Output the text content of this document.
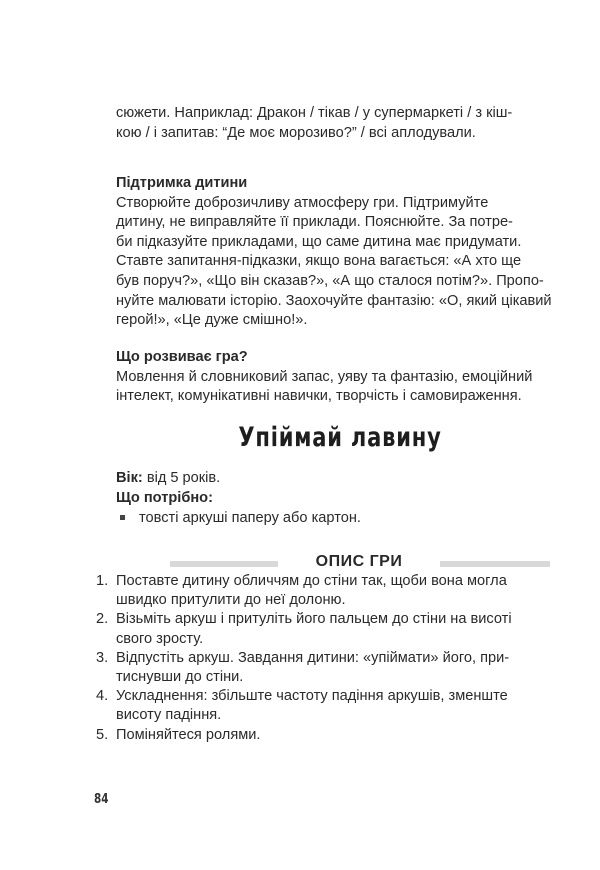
сюжети. Наприклад: Дракон / тікав / у супермаркеті / з кіш-

кою / і запитав: “Де моє морозиво?” / всі аплодували.

Підтримка дитини

Створюйте доброзичливу атмосферу гри. Підтримуйте

дитину, не виправляйте її приклади. Пояснюйте. За потре-

би підказуйте прикладами, що саме дитина має придумати.

Ставте запитання-підказки, якщо вона вагається: «А хто ще

був поруч?», «Що він сказав?», «А що сталося потім?». Пропо-

нуйте малювати історію. Заохочуйте фантазію: «О, який цікавий

герой!», «Це дуже смішно!».

Що розвиває гра?

Мовлення й словниковий запас, уяву та фантазію, емоційний

інтелект, комунікативні навички, творчість і самовираження.

Упіймай лавину

Вік: від 5 років.

Що потрібно:

товсті аркуші паперу або картон.
ОПИС ГРИ
1. Поставте дитину обличчям до стіни так, щоби вона могла
швидко притулити до неї долоню.
2. Візьміть аркуш і притуліть його пальцем до стіни на висоті
свого зросту.
3. Відпустіть аркуш. Завдання дитини: «упіймати» його, при-
тиснувши до стіни.
4. Ускладнення: збільште частоту падіння аркушів, зменште
висоту падіння.
5. Поміняйтеся ролями.
84
